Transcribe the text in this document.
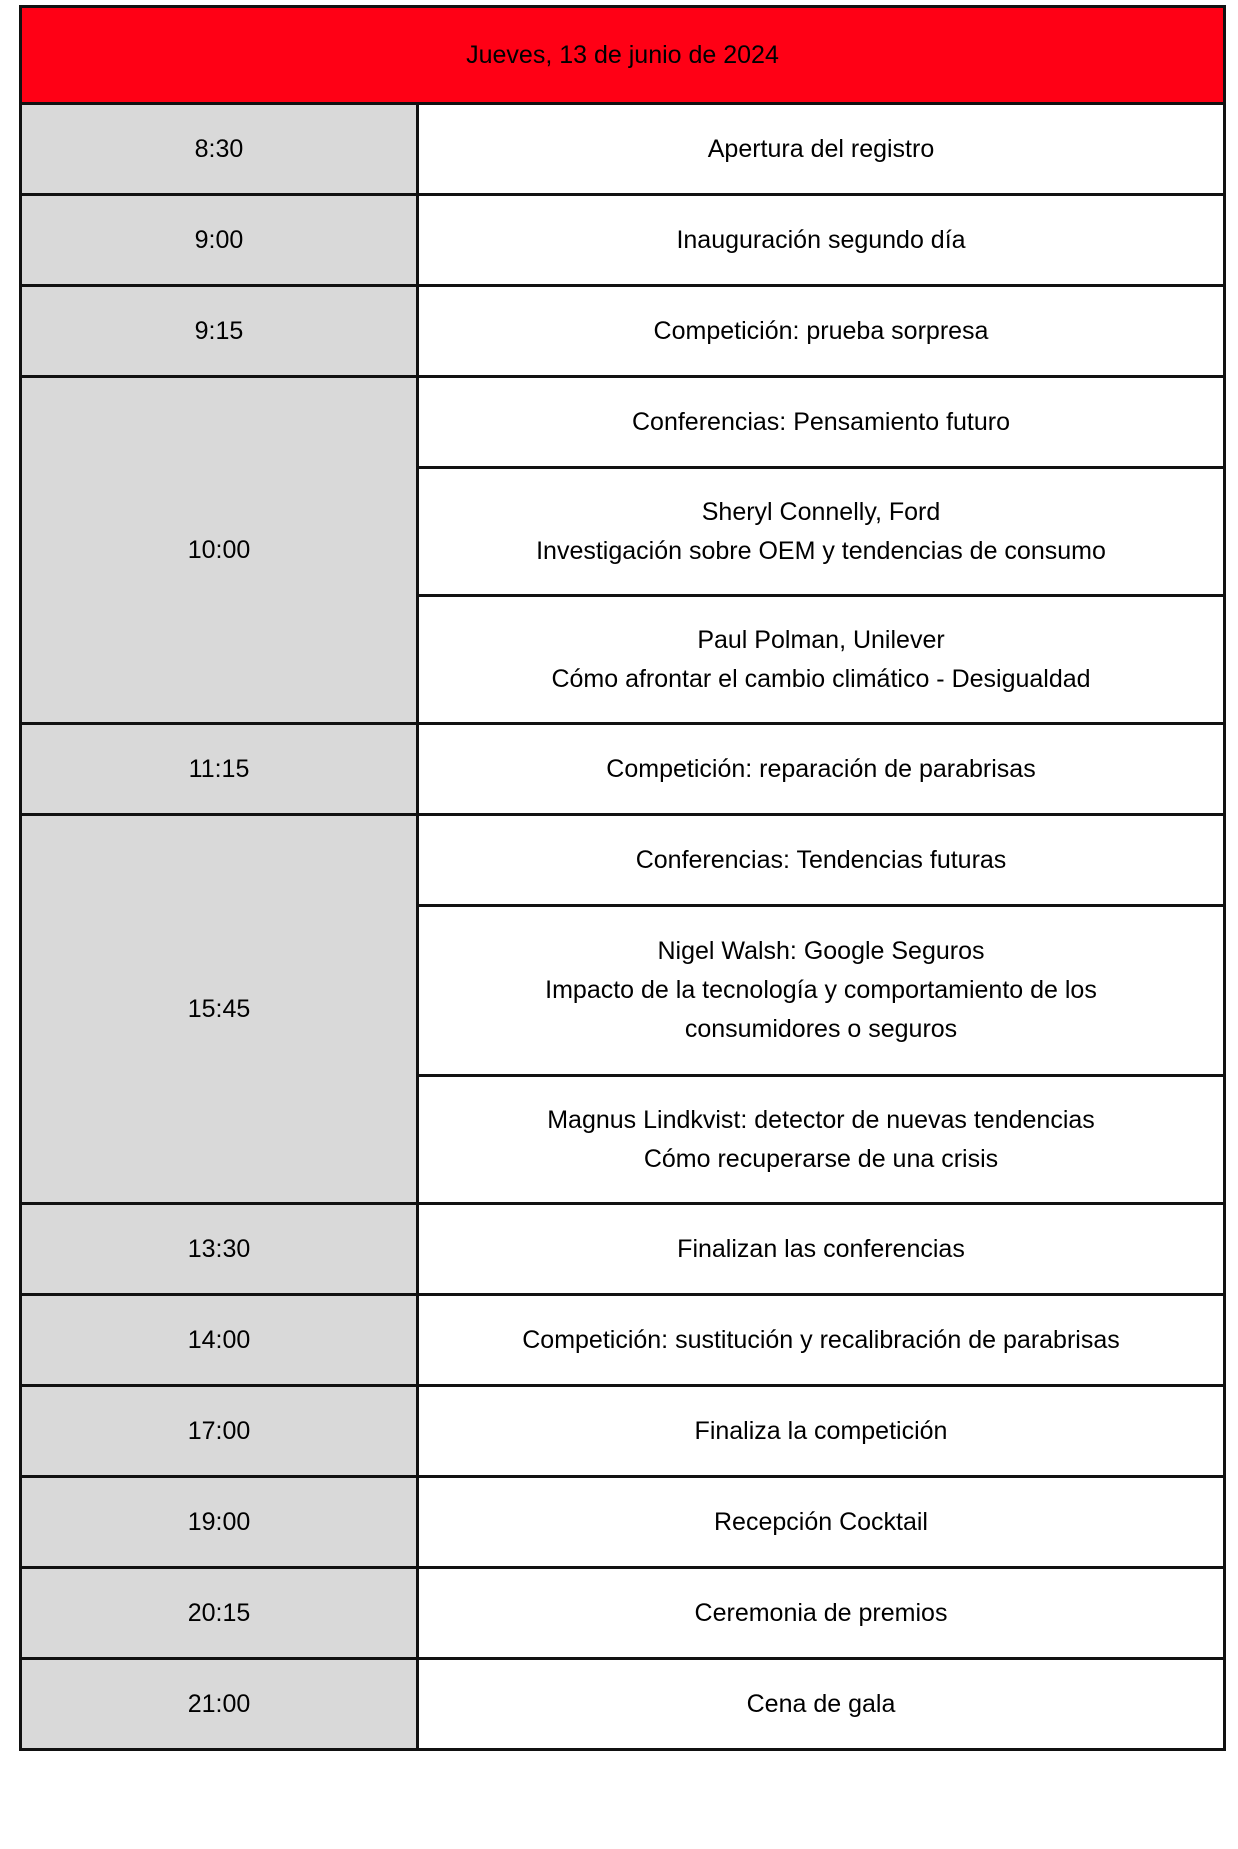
Jueves, 13 de junio de 2024	
8:30	Apertura del registro
9:00	Inauguración segundo día
9:15	Competición: prueba sorpresa
10:00	Conferencias: Pensamiento futuro

	Sheryl Connelly, Ford
Investigación sobre OEM y tendencias de consumo

	Paul Polman, Unilever
Cómo afrontar el cambio climático - Desigualdad

11:15	Competición: reparación de parabrisas
15:45	Conferencias: Tendencias futuras

	Nigel Walsh: Google Seguros
Impacto de la tecnología y comportamiento de los
consumidores o seguros

	Magnus Lindkvist: detector de nuevas tendencias
Cómo recuperarse de una crisis

13:30	Finalizan las conferencias
14:00	Competición: sustitución y recalibración de parabrisas
17:00	Finaliza la competición
19:00	Recepción Cocktail
20:15	Ceremonia de premios
21:00	Cena de gala
